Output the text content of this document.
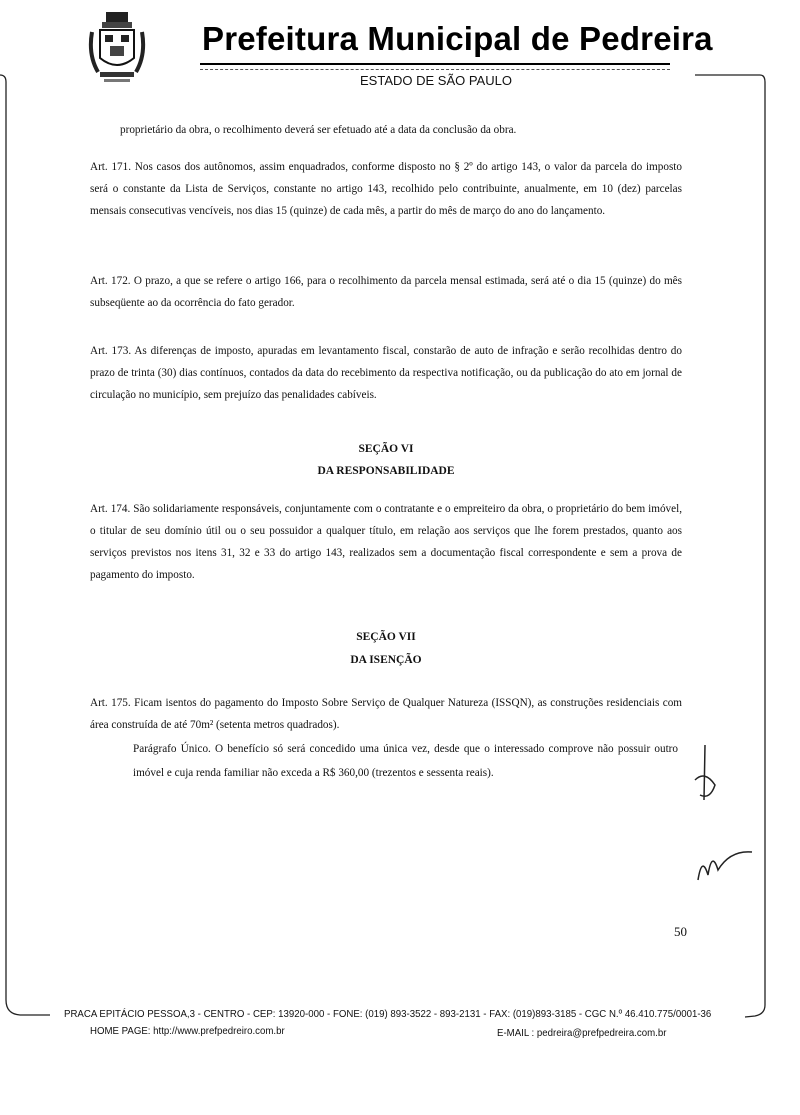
Prefeitura Municipal de Pedreira
ESTADO DE SÃO PAULO
proprietário da obra, o recolhimento deverá ser efetuado até a data da conclusão da obra.
Art. 171. Nos casos dos autônomos, assim enquadrados, conforme disposto no § 2º do artigo 143, o valor da parcela do imposto será o constante da Lista de Serviços, constante no artigo 143, recolhido pelo contribuinte, anualmente, em 10 (dez) parcelas mensais consecutivas vencíveis, nos dias 15 (quinze) de cada mês, a partir do mês de março do ano do lançamento.
Art. 172. O prazo, a que se refere o artigo 166, para o recolhimento da parcela mensal estimada, será até o dia 15 (quinze) do mês subseqüente ao da ocorrência do fato gerador.
Art. 173. As diferenças de imposto, apuradas em levantamento fiscal, constarão de auto de infração e serão recolhidas dentro do prazo de trinta (30) dias contínuos, contados da data do recebimento da respectiva notificação, ou da publicação do ato em jornal de circulação no município, sem prejuízo das penalidades cabíveis.
SEÇÃO VI
DA RESPONSABILIDADE
Art. 174. São solidariamente responsáveis, conjuntamente com o contratante e o empreiteiro da obra, o proprietário do bem imóvel, o titular de seu domínio útil ou o seu possuidor a qualquer título, em relação aos serviços que lhe forem prestados, quanto aos serviços previstos nos itens 31, 32 e 33 do artigo 143, realizados sem a documentação fiscal correspondente e sem a prova de pagamento do imposto.
SEÇÃO VII
DA ISENÇÃO
Art. 175. Ficam isentos do pagamento do Imposto Sobre Serviço de Qualquer Natureza (ISSQN), as construções residenciais com área construída de até 70m² (setenta metros quadrados).
Parágrafo Único. O benefício só será concedido uma única vez, desde que o interessado comprove não possuir outro imóvel e cuja renda familiar não exceda a R$ 360,00 (trezentos e sessenta reais).
50
PRACA EPITÁCIO PESSOA,3 - CENTRO - CEP: 13920-000 - FONE: (019) 893-3522 - 893-2131 - FAX: (019)893-3185 - CGC N.º 46.410.775/0001-36
HOME PAGE: http://www.prefpedreiro.com.br	E-MAIL : pedreira@prefpedreira.com.br
